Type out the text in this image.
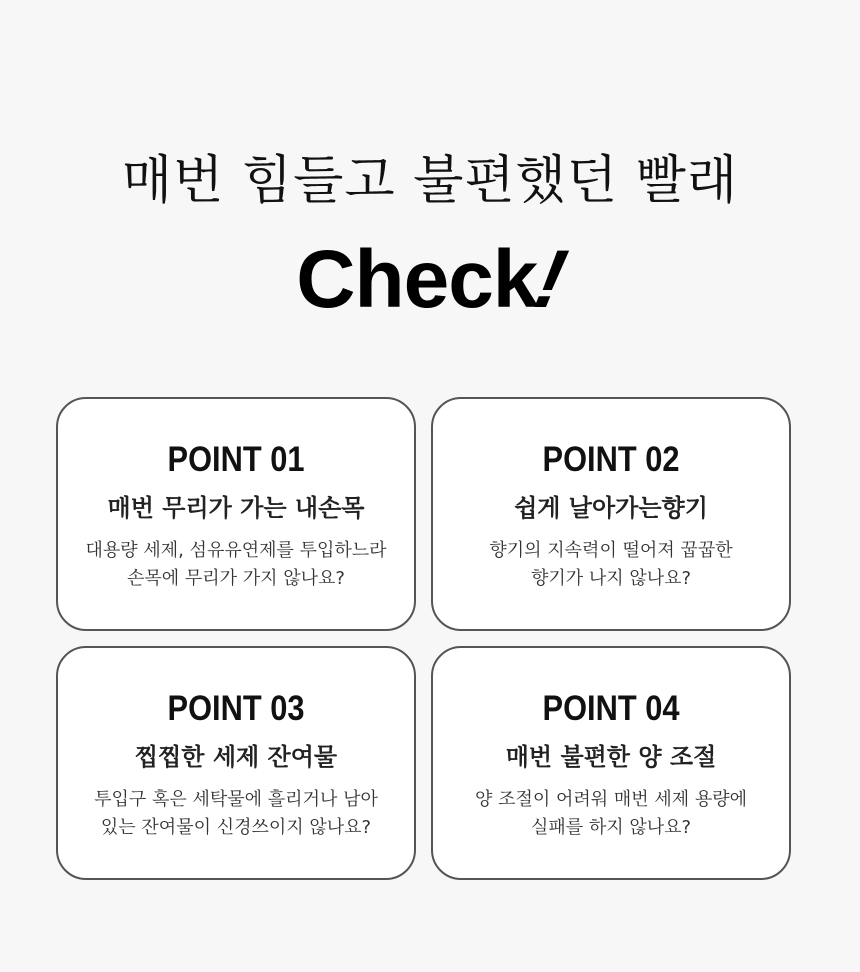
매번 힘들고 불편했던 빨래
Check!
POINT 01
매번 무리가 가는 내손목
대용량 세제, 섬유유연제를 투입하느라
손목에 무리가 가지 않나요?
POINT 02
쉽게 날아가는향기
향기의 지속력이 떨어져 꿉꿉한
향기가 나지 않나요?
POINT 03
찝찝한 세제 잔여물
투입구 혹은 세탁물에 흘리거나 남아
있는 잔여물이 신경쓰이지 않나요?
POINT 04
매번 불편한 양 조절
양 조절이 어려워 매번 세제 용량에
실패를 하지 않나요?
